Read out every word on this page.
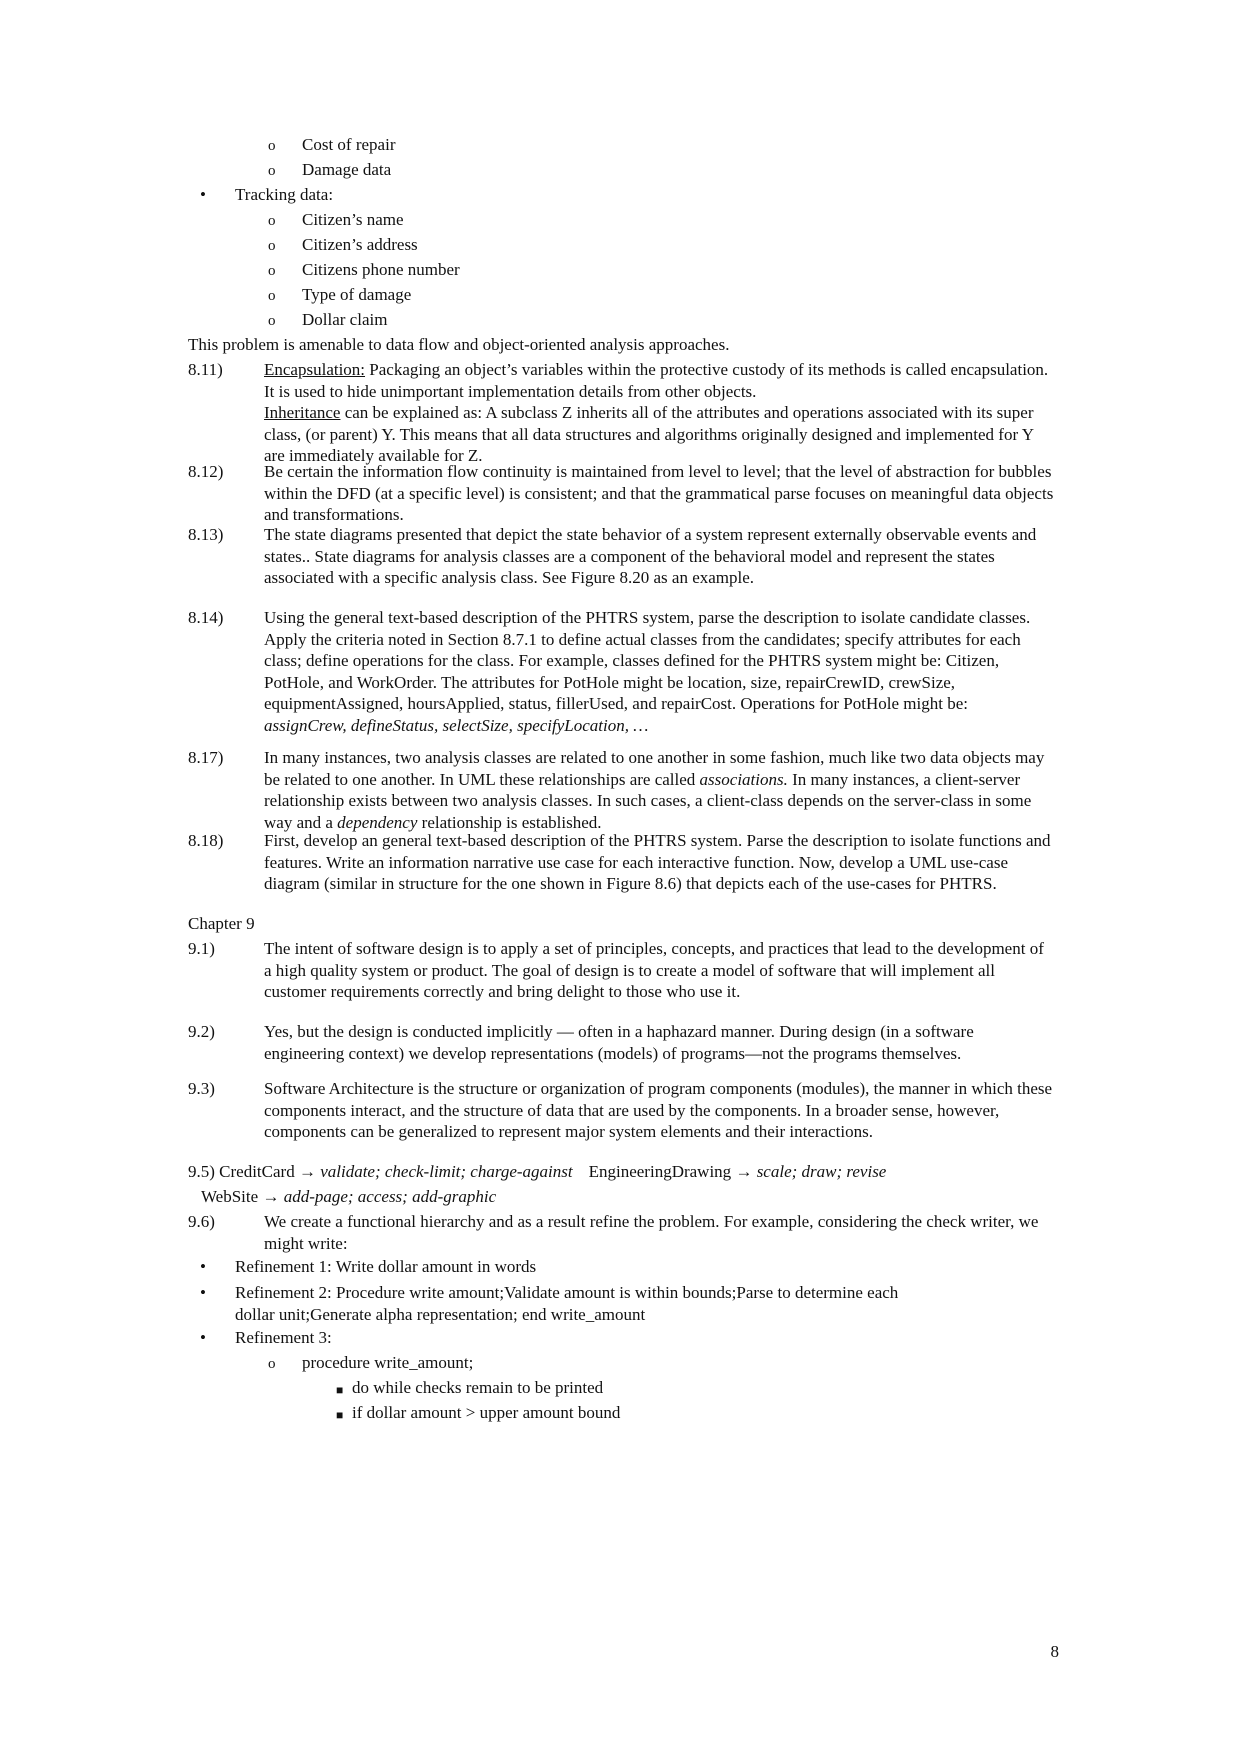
o Cost of repair
o Damage data
• Tracking data:
o Citizen’s name
o Citizen’s address
o Citizens phone number
o Type of damage
o Dollar claim
This problem is amenable to data flow and object-oriented analysis approaches.
8.11) Encapsulation: Packaging an object’s variables within the protective custody of its methods is called encapsulation. It is used to hide unimportant implementation details from other objects.

Inheritance can be explained as: A subclass Z inherits all of the attributes and operations associated with its super class, (or parent) Y. This means that all data structures and algorithms originally designed and implemented for Y are immediately available for Z.

8.12) Be certain the information flow continuity is maintained from level to level; that the level of abstraction for bubbles within the DFD (at a specific level) is consistent; and that the grammatical parse focuses on meaningful data objects and transformations.
8.13) The state diagrams presented that depict the state behavior of a system represent externally observable events and states.. State diagrams for analysis classes are a component of the behavioral model and represent the states associated with a specific analysis class. See Figure 8.20 as an example.
8.14) Using the general text-based description of the PHTRS system, parse the description to isolate candidate classes. Apply the criteria noted in Section 8.7.1 to define actual classes from the candidates; specify attributes for each class; define operations for the class. For example, classes defined for the PHTRS system might be: Citizen, PotHole, and WorkOrder. The attributes for PotHole might be location, size, repairCrewID, crewSize, equipmentAssigned, hoursApplied, status, fillerUsed, and repairCost. Operations for PotHole might be: assignCrew, defineStatus, selectSize, specifyLocation, …
8.17) In many instances, two analysis classes are related to one another in some fashion, much like two data objects may be related to one another. In UML these relationships are called associations. In many instances, a client-server relationship exists between two analysis classes. In such cases, a client-class depends on the server-class in some way and a dependency relationship is established.
8.18) First, develop an general text-based description of the PHTRS system. Parse the description to isolate functions and features. Write an information narrative use case for each interactive function. Now, develop a UML use-case diagram (similar in structure for the one shown in Figure 8.6) that depicts each of the use-cases for PHTRS.
Chapter 9
9.1)	The intent of software design is to apply a set of principles, concepts, and practices that lead to the development of a high quality system or product. The goal of design is to create a model of software that will implement all customer requirements correctly and bring delight to those who use it.
9.2)	Yes, but the design is conducted implicitly — often in a haphazard manner. During design (in a software engineering context) we develop representations (models) of programs—not the programs themselves.
9.3)	Software Architecture is the structure or organization of program components (modules), the manner in which these components interact, and the structure of data that are used by the components. In a broader sense, however, components can be generalized to represent major system elements and their interactions.
9.5) CreditCard → validate; check-limit; charge-against EngineeringDrawing → scale; draw; revise
WebSite → add-page; access; add-graphic
9.6)	We create a functional hierarchy and as a result refine the problem. For example, considering the check writer, we might write:
• Refinement 1: Write dollar amount in words
• Refinement 2: Procedure write amount;Validate amount is within bounds;Parse to determine each dollar unit;Generate alpha representation; end write_amount
• Refinement 3:
o procedure write_amount;
■ do while checks remain to be printed
■ if dollar amount > upper amount bound
8
